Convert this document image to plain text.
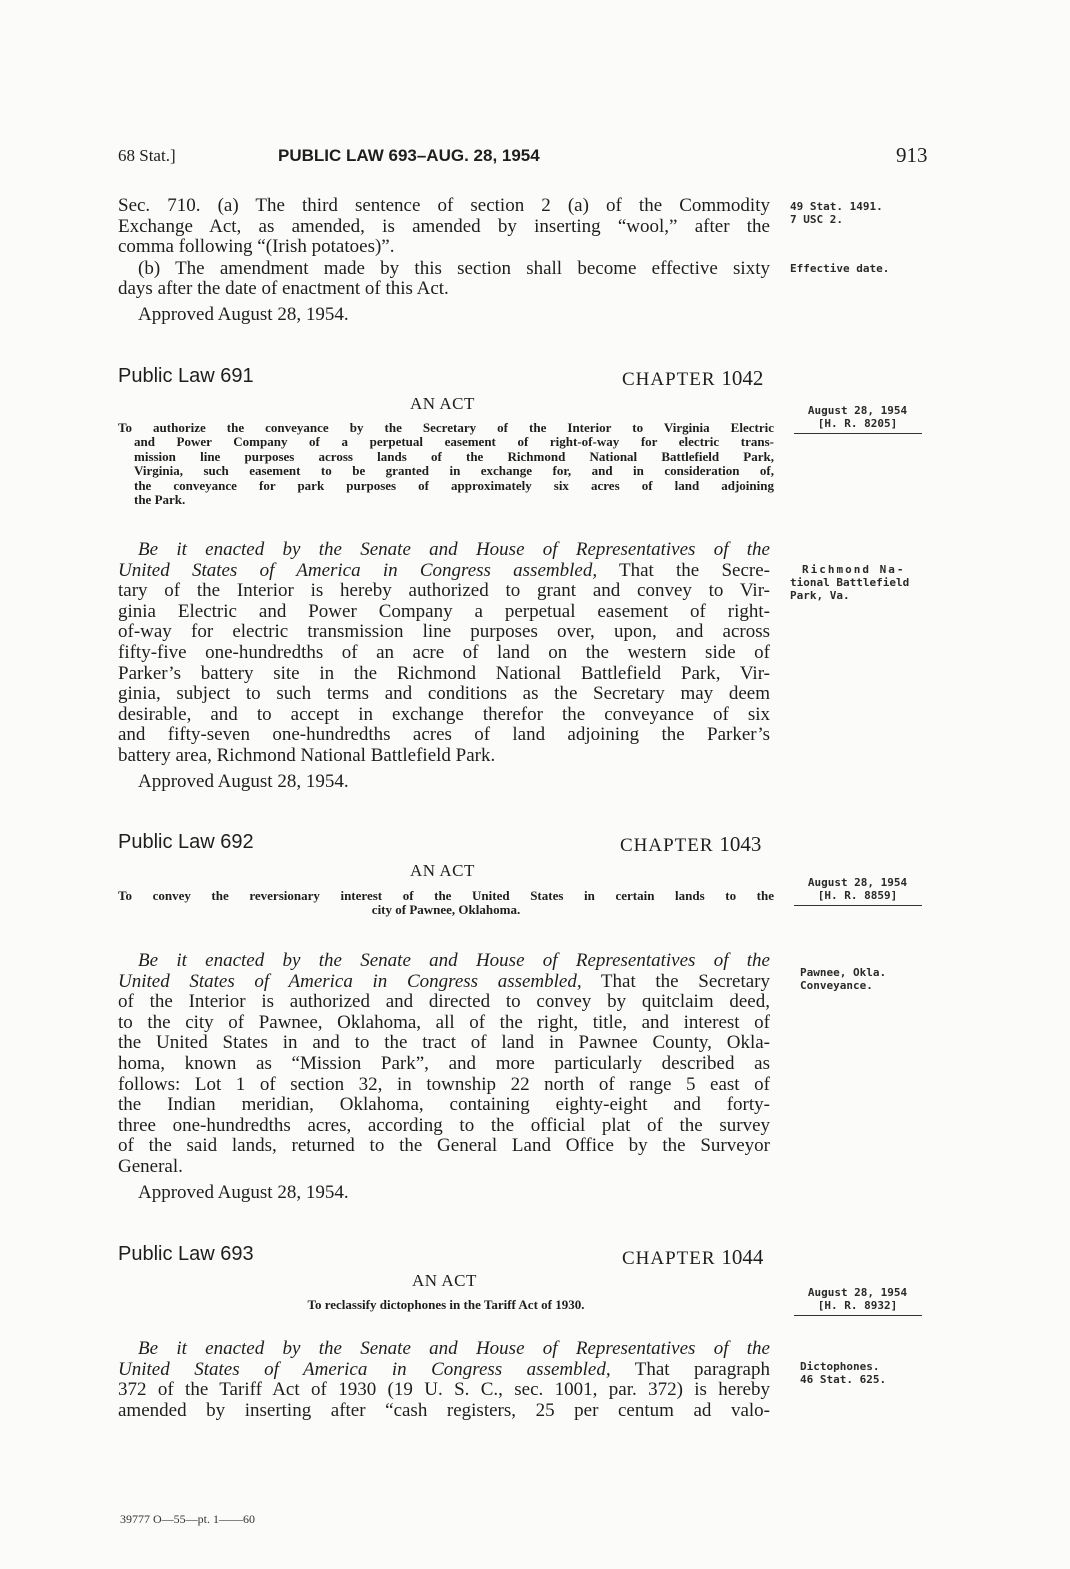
68 Stat.]	PUBLIC LAW 693–AUG. 28, 1954	913
Sec. 710. (a) The third sentence of section 2 (a) of the Commodity
Exchange Act, as amended, is amended by inserting “wool,” after the
comma following “(Irish potatoes)”.
(b) The amendment made by this section shall become effective sixty
days after the date of enactment of this Act.
Approved August 28, 1954.
49 Stat. 1491.
7 USC 2.
Effective date.
Public Law 691	CHAPTER 1042
AN ACT
To authorize the conveyance by the Secretary of the Interior to Virginia Electric
and Power Company of a perpetual easement of right-of-way for electric trans-
mission line purposes across lands of the Richmond National Battlefield Park,
Virginia, such easement to be granted in exchange for, and in consideration of,
the conveyance for park purposes of approximately six acres of land adjoining
the Park.
August 28, 1954
[H. R. 8205]
Be it enacted by the Senate and House of Representatives of the
United States of America in Congress assembled, That the Secre-
tary of the Interior is hereby authorized to grant and convey to Vir-
ginia Electric and Power Company a perpetual easement of right-
of-way for electric transmission line purposes over, upon, and across
fifty-five one-hundredths of an acre of land on the western side of
Parker’s battery site in the Richmond National Battlefield Park, Vir-
ginia, subject to such terms and conditions as the Secretary may deem
desirable, and to accept in exchange therefor the conveyance of six
and fifty-seven one-hundredths acres of land adjoining the Parker’s
battery area, Richmond National Battlefield Park.
Approved August 28, 1954.
Richmond Na-
tional Battlefield
Park, Va.
Public Law 692	CHAPTER 1043
AN ACT
To convey the reversionary interest of the United States in certain lands to the
city of Pawnee, Oklahoma.
August 28, 1954
[H. R. 8859]
Be it enacted by the Senate and House of Representatives of the
United States of America in Congress assembled, That the Secretary
of the Interior is authorized and directed to convey by quitclaim deed,
to the city of Pawnee, Oklahoma, all of the right, title, and interest of
the United States in and to the tract of land in Pawnee County, Okla-
homa, known as “Mission Park”, and more particularly described as
follows: Lot 1 of section 32, in township 22 north of range 5 east of
the Indian meridian, Oklahoma, containing eighty-eight and forty-
three one-hundredths acres, according to the official plat of the survey
of the said lands, returned to the General Land Office by the Surveyor
General.
Approved August 28, 1954.
Pawnee, Okla.
Conveyance.
Public Law 693	CHAPTER 1044
AN ACT
To reclassify dictophones in the Tariff Act of 1930.
August 28, 1954
[H. R. 8932]
Be it enacted by the Senate and House of Representatives of the
United States of America in Congress assembled, That paragraph
372 of the Tariff Act of 1930 (19 U. S. C., sec. 1001, par. 372) is hereby
amended by inserting after “cash registers, 25 per centum ad valo-
Dictophones.
46 Stat. 625.
39777 O—55—pt. 1——60
